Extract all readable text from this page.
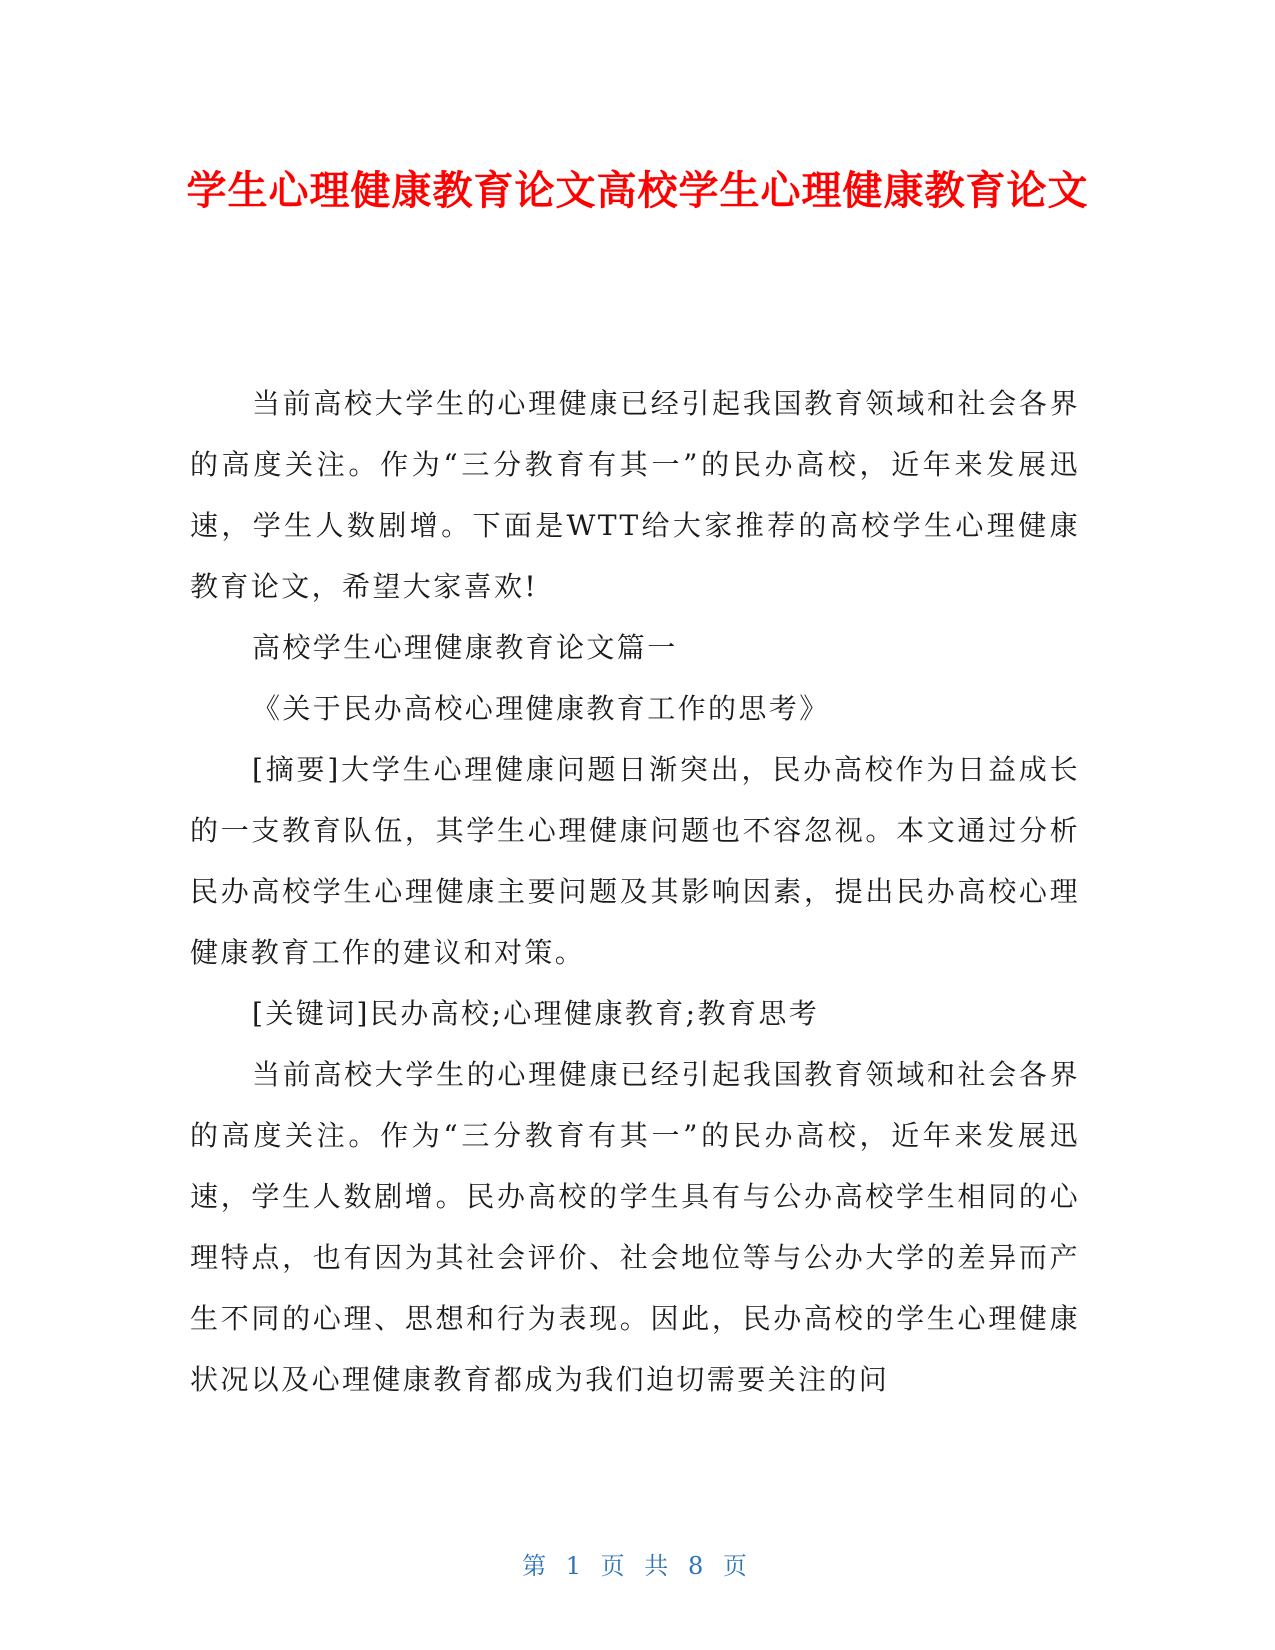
学生心理健康教育论文高校学生心理健康教育论文

当前高校大学生的心理健康已经引起我国教育领域和社会各界的高度关注。作为“三分教育有其一”的民办高校，近年来发展迅速，学生人数剧增。下面是WTT给大家推荐的高校学生心理健康教育论文，希望大家喜欢!

高校学生心理健康教育论文篇一

《关于民办高校心理健康教育工作的思考》

[摘要]大学生心理健康问题日渐突出，民办高校作为日益成长的一支教育队伍，其学生心理健康问题也不容忽视。本文通过分析民办高校学生心理健康主要问题及其影响因素，提出民办高校心理健康教育工作的建议和对策。

[关键词]民办高校;心理健康教育;教育思考

当前高校大学生的心理健康已经引起我国教育领域和社会各界的高度关注。作为“三分教育有其一”的民办高校，近年来发展迅速，学生人数剧增。民办高校的学生具有与公办高校学生相同的心理特点，也有因为其社会评价、社会地位等与公办大学的差异而产生不同的心理、思想和行为表现。因此，民办高校的学生心理健康状况以及心理健康教育都成为我们迫切需要关注的问

第 1 页 共 8 页
